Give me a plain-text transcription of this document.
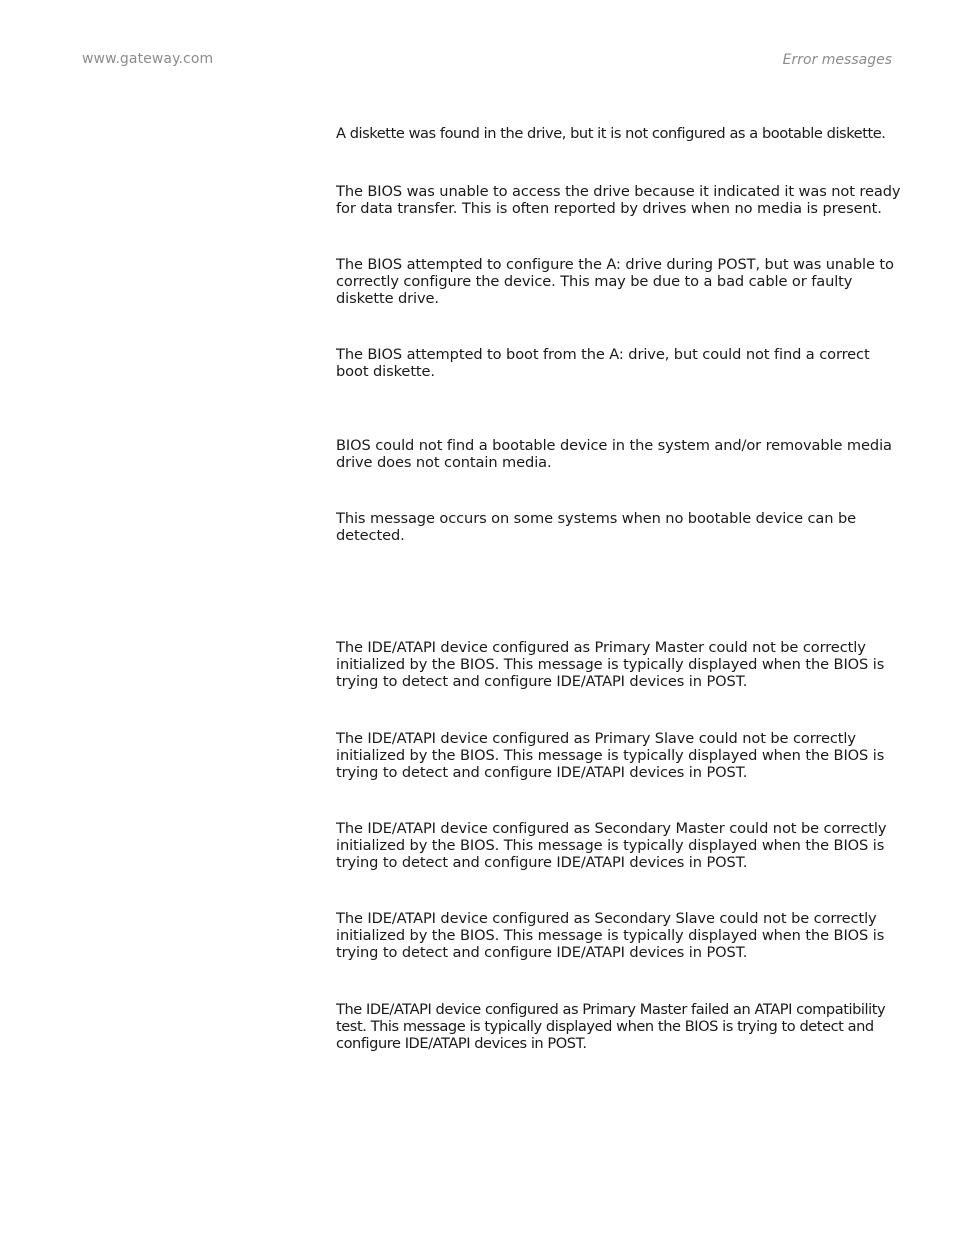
www.gateway.com	Error messages

A diskette was found in the drive, but it is not configured as a bootable diskette.

The BIOS was unable to access the drive because it indicated it was not ready for data transfer. This is often reported by drives when no media is present.

The BIOS attempted to configure the A: drive during POST, but was unable to correctly configure the device. This may be due to a bad cable or faulty diskette drive.

The BIOS attempted to boot from the A: drive, but could not find a correct boot diskette.

BIOS could not find a bootable device in the system and/or removable media drive does not contain media.

This message occurs on some systems when no bootable device can be detected.

The IDE/ATAPI device configured as Primary Master could not be correctly initialized by the BIOS. This message is typically displayed when the BIOS is trying to detect and configure IDE/ATAPI devices in POST.

The IDE/ATAPI device configured as Primary Slave could not be correctly initialized by the BIOS. This message is typically displayed when the BIOS is trying to detect and configure IDE/ATAPI devices in POST.

The IDE/ATAPI device configured as Secondary Master could not be correctly initialized by the BIOS. This message is typically displayed when the BIOS is trying to detect and configure IDE/ATAPI devices in POST.

The IDE/ATAPI device configured as Secondary Slave could not be correctly initialized by the BIOS. This message is typically displayed when the BIOS is trying to detect and configure IDE/ATAPI devices in POST.

The IDE/ATAPI device configured as Primary Master failed an ATAPI compatibility test. This message is typically displayed when the BIOS is trying to detect and configure IDE/ATAPI devices in POST.
